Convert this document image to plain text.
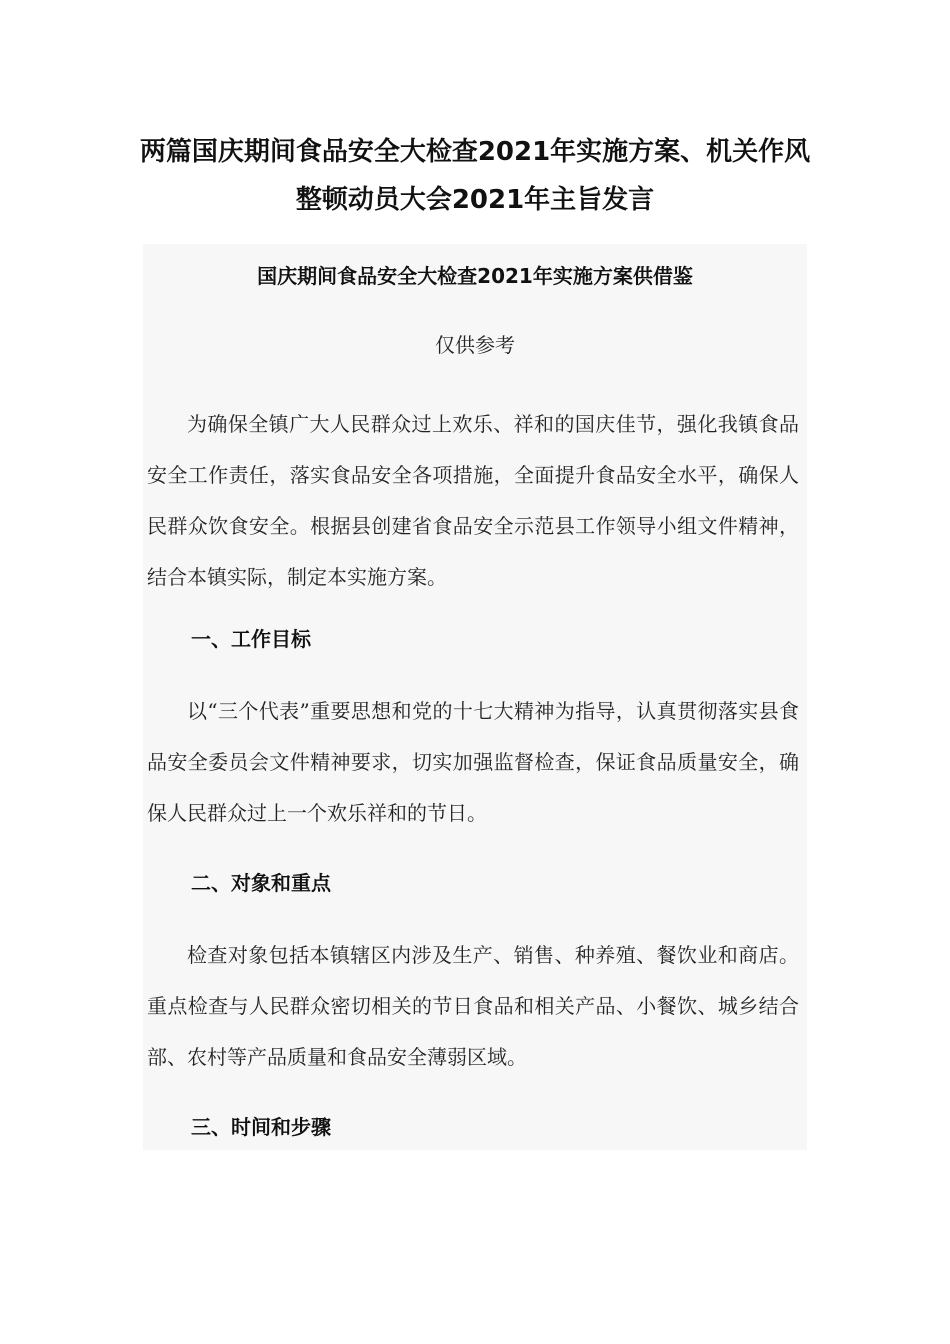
两篇国庆期间食品安全大检查2021年实施方案、机关作风
整顿动员大会2021年主旨发言
国庆期间食品安全大检查2021年实施方案供借鉴
仅供参考
为确保全镇广大人民群众过上欢乐、祥和的国庆佳节，强化我镇食品安全工作责任，落实食品安全各项措施，全面提升食品安全水平，确保人民群众饮食安全。根据县创建省食品安全示范县工作领导小组文件精神，结合本镇实际，制定本实施方案。
一、工作目标
以“三个代表”重要思想和党的十七大精神为指导，认真贯彻落实县食品安全委员会文件精神要求，切实加强监督检查，保证食品质量安全，确保人民群众过上一个欢乐祥和的节日。
二、对象和重点
检查对象包括本镇辖区内涉及生产、销售、种养殖、餐饮业和商店。重点检查与人民群众密切相关的节日食品和相关产品、小餐饮、城乡结合部、农村等产品质量和食品安全薄弱区域。
三、时间和步骤
